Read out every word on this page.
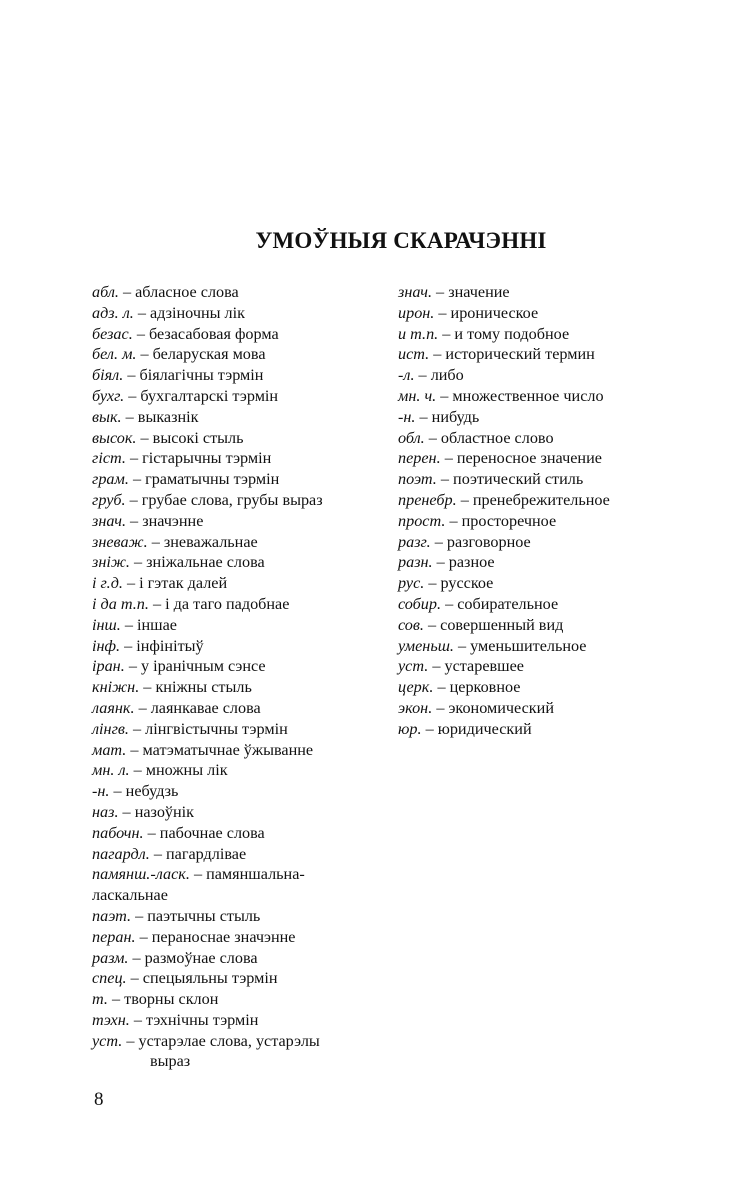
УМОЎНЫЯ СКАРАЧЭННІ
абл. – абласное слова
адз. л. – адзіночны лік
безас. – безасабовая форма
бел. м. – беларуская мова
біял. – біялагічны тэрмін
бухг. – бухгалтарскі тэрмін
вык. – выказнік
высок. – высокі стыль
гіст. – гістарычны тэрмін
грам. – граматычны тэрмін
груб. – грубае слова, грубы выраз
знач. – значэнне
зневаж. – зневажальнае
зніж. – зніжальнае слова
і г.д. – і гэтак далей
і да т.п. – і да таго падобнае
інш. – іншае
інф. – інфінітыў
іран. – у іранічным сэнсе
кніжн. – кніжны стыль
лаянк. – лаянкавае слова
лінгв. – лінгвістычны тэрмін
мат. – матэматычнае ўжыванне
мн. л. – множны лік
-н. – небудзь
наз. – назоўнік
пабочн. – пабочнае слова
пагардл. – пагардлівае
памянш.-ласк. – памяншальна-
ласкальнае
паэт. – паэтычны стыль
перан. – пераноснае значэнне
разм. – размоўнае слова
спец. – спецыяльны тэрмін
т. – творны склон
тэхн. – тэхнічны тэрмін
уст. – устарэлае слова, устарэлы
выраз
знач. – значение
ирон. – ироническое
и т.п. – и тому подобное
ист. – исторический термин
-л. – либо
мн. ч. – множественное число
-н. – нибудь
обл. – областное слово
перен. – переносное значение
поэт. – поэтический стиль
пренебр. – пренебрежительное
прост. – просторечное
разг. – разговорное
разн. – разное
рус. – русское
собир. – собирательное
сов. – совершенный вид
уменьш. – уменьшительное
уст. – устаревшее
церк. – церковное
экон. – экономический
юр. – юридический
8
